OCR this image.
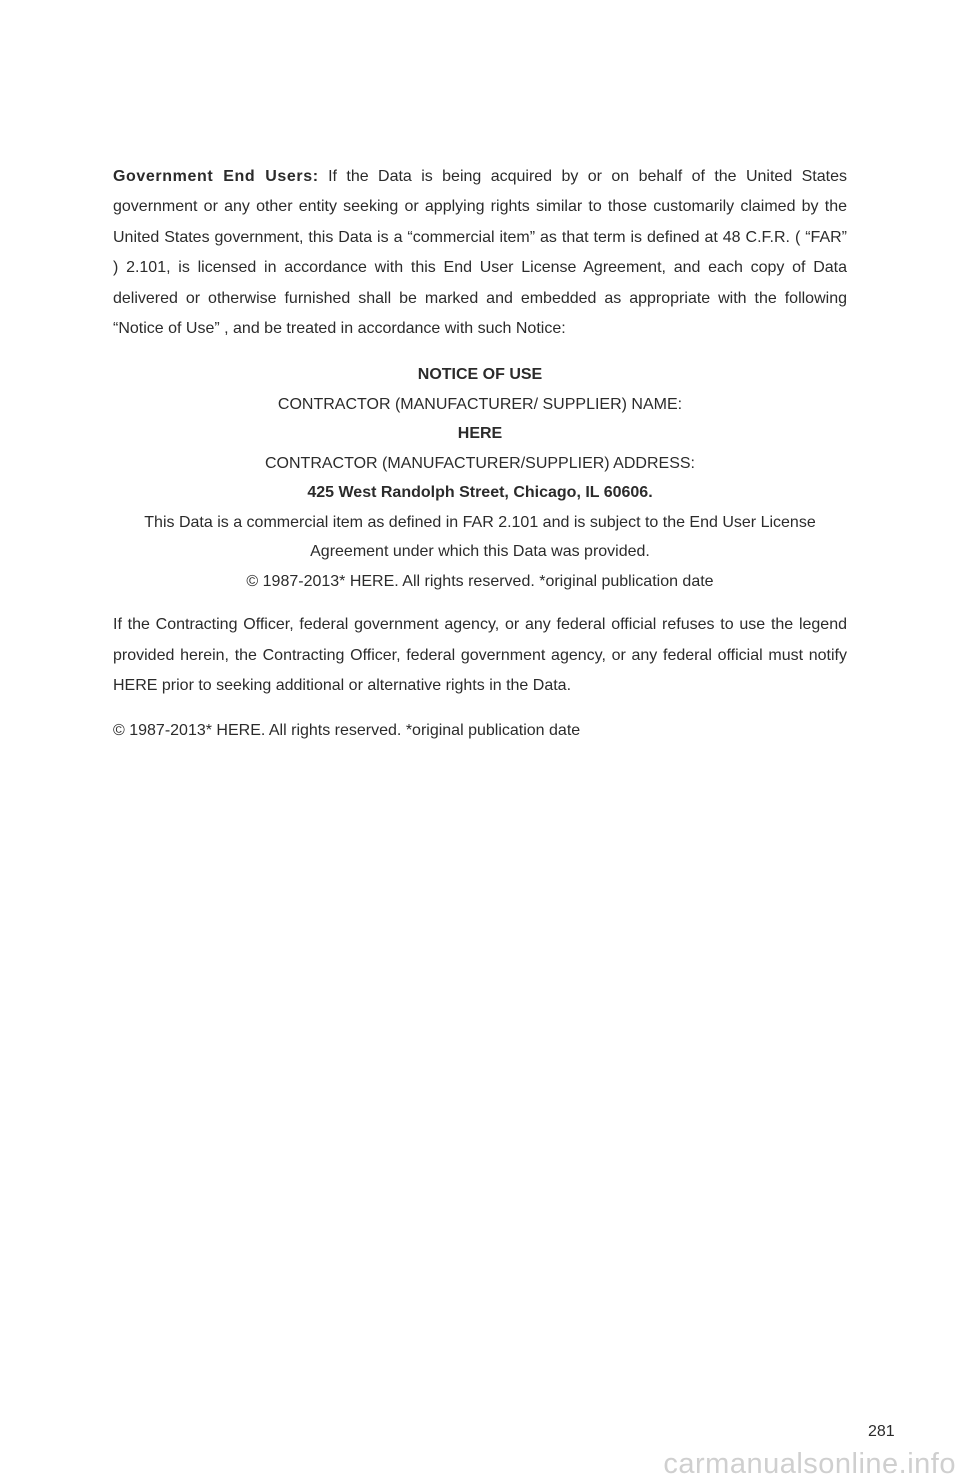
Government End Users: If the Data is being acquired by or on behalf of the United States government or any other entity seeking or applying rights similar to those customarily claimed by the United States government, this Data is a “commercial item” as that term is defined at 48 C.F.R. ( “FAR” ) 2.101, is licensed in accordance with this End User License Agreement, and each copy of Data delivered or otherwise furnished shall be marked and embedded as appropriate with the following “Notice of Use” , and be treated in accordance with such Notice:

NOTICE OF USE
CONTRACTOR (MANUFACTURER/ SUPPLIER) NAME:
HERE
CONTRACTOR (MANUFACTURER/SUPPLIER) ADDRESS:
425 West Randolph Street, Chicago, IL 60606.
This Data is a commercial item as defined in FAR 2.101 and is subject to the End User License
Agreement under which this Data was provided.
© 1987-2013* HERE. All rights reserved. *original publication date

If the Contracting Officer, federal government agency, or any federal official refuses to use the legend provided herein, the Contracting Officer, federal government agency, or any federal official must notify HERE prior to seeking additional or alternative rights in the Data.

© 1987-2013* HERE. All rights reserved. *original publication date
281
carmanualsonline.info
